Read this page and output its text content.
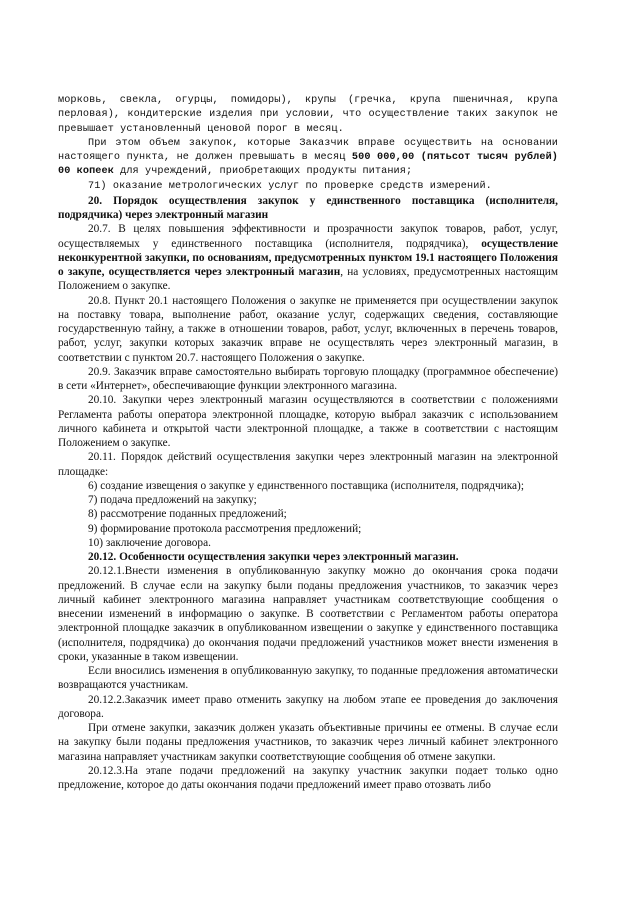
морковь, свекла, огурцы, помидоры), крупы (гречка, крупа пшеничная, крупа перловая), кондитерские изделия при условии, что осуществление таких закупок не превышает установленный ценовой порог в месяц.

При этом объем закупок, которые Заказчик вправе осуществить на основании настоящего пункта, не должен превышать в месяц 500 000,00 (пятьсот тысяч рублей) 00 копеек для учреждений, приобретающих продукты питания;

71) оказание метрологических услуг по проверке средств измерений.

20. Порядок осуществления закупок у единственного поставщика (исполнителя, подрядчика) через электронный магазин

20.7. В целях повышения эффективности и прозрачности закупок товаров, работ, услуг, осуществляемых у единственного поставщика (исполнителя, подрядчика), осуществление неконкурентной закупки, по основаниям, предусмотренных пунктом 19.1 настоящего Положения о закупе, осуществляется через электронный магазин, на условиях, предусмотренных настоящим Положением о закупке.

20.8. Пункт 20.1 настоящего Положения о закупке не применяется при осуществлении закупок на поставку товара, выполнение работ, оказание услуг, содержащих сведения, составляющие государственную тайну, а также в отношении товаров, работ, услуг, включенных в перечень товаров, работ, услуг, закупки которых заказчик вправе не осуществлять через электронный магазин, в соответствии с пунктом 20.7. настоящего Положения о закупке.

20.9. Заказчик вправе самостоятельно выбирать торговую площадку (программное обеспечение) в сети «Интернет», обеспечивающие функции электронного магазина.

20.10. Закупки через электронный магазин осуществляются в соответствии с положениями Регламента работы оператора электронной площадке, которую выбрал заказчик с использованием личного кабинета и открытой части электронной площадке, а также в соответствии с настоящим Положением о закупке.

20.11. Порядок действий осуществления закупки через электронный магазин на электронной площадке:

6) создание извещения о закупке у единственного поставщика (исполнителя, подрядчика);

7) подача предложений на закупку;

8) рассмотрение поданных предложений;

9) формирование протокола рассмотрения предложений;

10) заключение договора.

20.12. Особенности осуществления закупки через электронный магазин.

20.12.1.Внести изменения в опубликованную закупку можно до окончания срока подачи предложений. В случае если на закупку были поданы предложения участников, то заказчик через личный кабинет электронного магазина направляет участникам соответствующие сообщения о внесении изменений в информацию о закупке. В соответствии с Регламентом работы оператора электронной площадке заказчик в опубликованном извещении о закупке у единственного поставщика (исполнителя, подрядчика) до окончания подачи предложений участников может внести изменения в сроки, указанные в таком извещении.

Если вносились изменения в опубликованную закупку, то поданные предложения автоматически возвращаются участникам.

20.12.2.Заказчик имеет право отменить закупку на любом этапе ее проведения до заключения договора.

При отмене закупки, заказчик должен указать объективные причины ее отмены. В случае если на закупку были поданы предложения участников, то заказчик через личный кабинет электронного магазина направляет участникам закупки соответствующие сообщения об отмене закупки.

20.12.3.На этапе подачи предложений на закупку участник закупки подает только одно предложение, которое до даты окончания подачи предложений имеет право отозвать либо
